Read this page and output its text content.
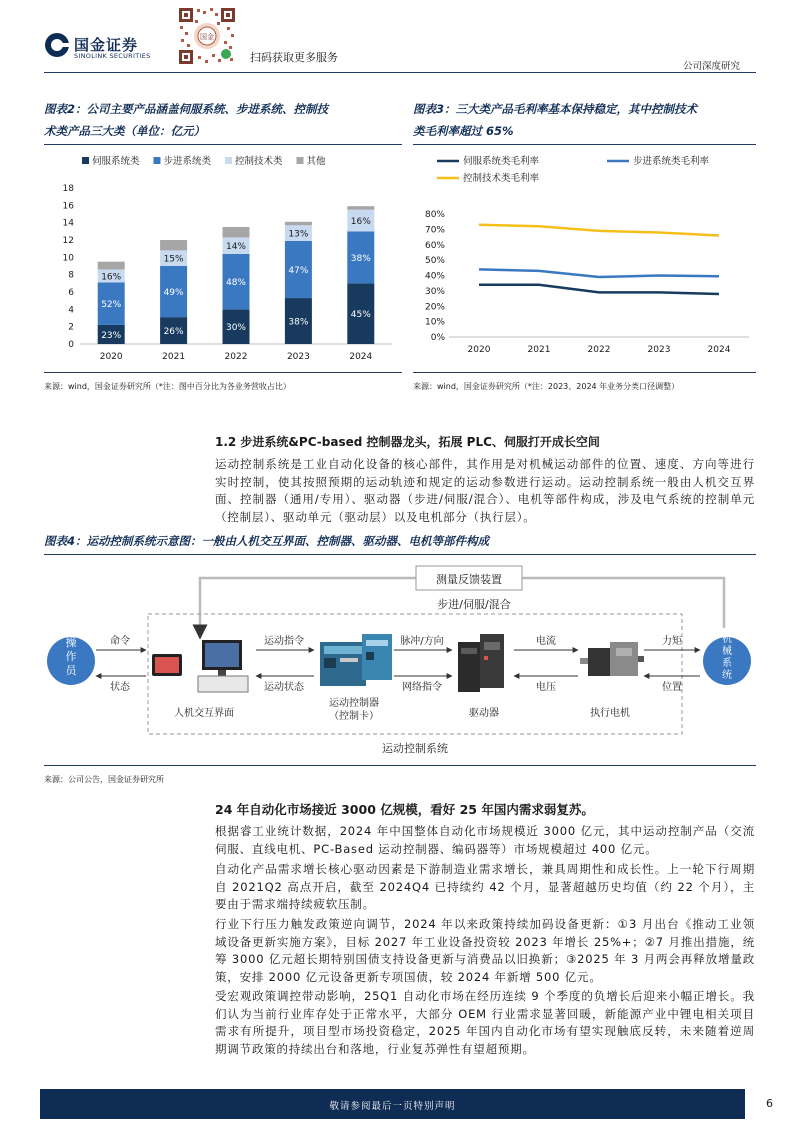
国金证券
SINOLINK SECURITIES
国金
扫码获取更多服务
公司深度研究
图表2：公司主要产品涵盖伺服系统、步进系统、控制技
术类产品三大类（单位：亿元）
图表3：三大类产品毛利率基本保持稳定，其中控制技术
类毛利率超过 65%
伺服系统类	步进系统类	控制技术类	其他
0
2
4
6
8
10
12
14
16
18
23%
52%
16%
2020
26%
49%
15%
2021
30%
48%
14%
2022
38%
47%
13%
2023
45%
38%
16%
2024
伺服系统类毛利率	步进系统类毛利率
控制技术类毛利率
0%
10%
20%
30%
40%
50%
60%
70%
80%
2020	2021	2022	2023	2024
来源：wind，国金证券研究所（*注：图中百分比为各业务营收占比）	来源：wind，国金证券研究所（*注：2023、2024 年业务分类口径调整）
1.2 步进系统&PC-based 控制器龙头，拓展 PLC、伺服打开成长空间
运动控制系统是工业自动化设备的核心部件，其作用是对机械运动部件的位置、速度、方向等进行实时控制，使其按照预期的运动轨迹和规定的运动参数进行运动。运动控制系统一般由人机交互界面、控制器（通用/专用）、驱动器（步进/伺服/混合）、电机等部件构成，涉及电气系统的控制单元（控制层）、驱动单元（驱动层）以及电机部分（执行层）。
图表4：运动控制系统示意图：一般由人机交互界面、控制器、驱动器、电机等部件构成
测量反馈装置
步进/伺服/混合
操作员
机械系统
命令
状态
运动指令
运动状态
脉冲/方向
网络指令
电流
电压
力矩
位置
人机交互界面
运动控制器
（控制卡）	驱动器	执行电机
运动控制系统
来源：公司公告，国金证券研究所
24 年自动化市场接近 3000 亿规模，看好 25 年国内需求弱复苏。
根据睿工业统计数据，2024 年中国整体自动化市场规模近 3000 亿元，其中运动控制产品（交流伺服、直线电机、PC-Based 运动控制器、编码器等）市场规模超过 400 亿元。
自动化产品需求增长核心驱动因素是下游制造业需求增长，兼具周期性和成长性。上一轮下行周期自 2021Q2 高点开启，截至 2024Q4 已持续约 42 个月，显著超越历史均值（约 22 个月），主要由于需求端持续疲软压制。
行业下行压力触发政策逆向调节，2024 年以来政策持续加码设备更新：①3 月出台《推动工业领域设备更新实施方案》，目标 2027 年工业设备投资较 2023 年增长 25%+；②7 月推出措施，统筹 3000 亿元超长期特别国债支持设备更新与消费品以旧换新；③2025 年 3 月两会再释放增量政策，安排 2000 亿元设备更新专项国债，较 2024 年新增 500 亿元。
受宏观政策调控带动影响，25Q1 自动化市场在经历连续 9 个季度的负增长后迎来小幅正增长。我们认为当前行业库存处于正常水平，大部分 OEM 行业需求显著回暖，新能源产业中锂电相关项目需求有所提升，项目型市场投资稳定，2025 年国内自动化市场有望实现触底反转，未来随着逆周期调节政策的持续出台和落地，行业复苏弹性有望超预期。
敬请参阅最后一页特别声明	6
